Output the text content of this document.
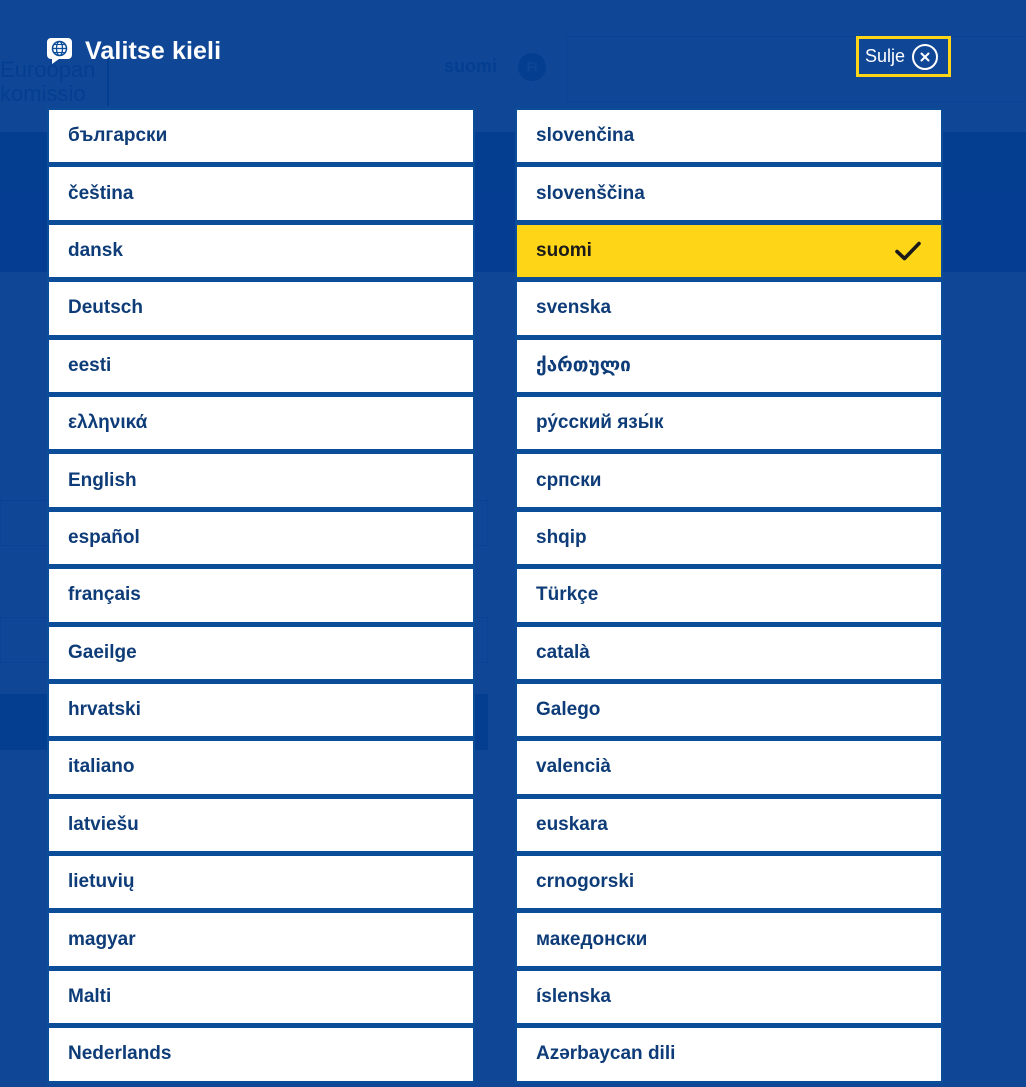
Valitse kieli	Sulje
български
čeština
dansk
Deutsch
eesti
ελληνικά
English
español
français
Gaeilge
hrvatski
italiano
latviešu
lietuvių
magyar
Malti
Nederlands
slovenčina
slovenščina
suomi
svenska
ქართული
ру́сский язы́к
српски
shqip
Türkçe
català
Galego
valencià
euskara
crnogorski
македонски
íslenska
Azərbaycan dili
